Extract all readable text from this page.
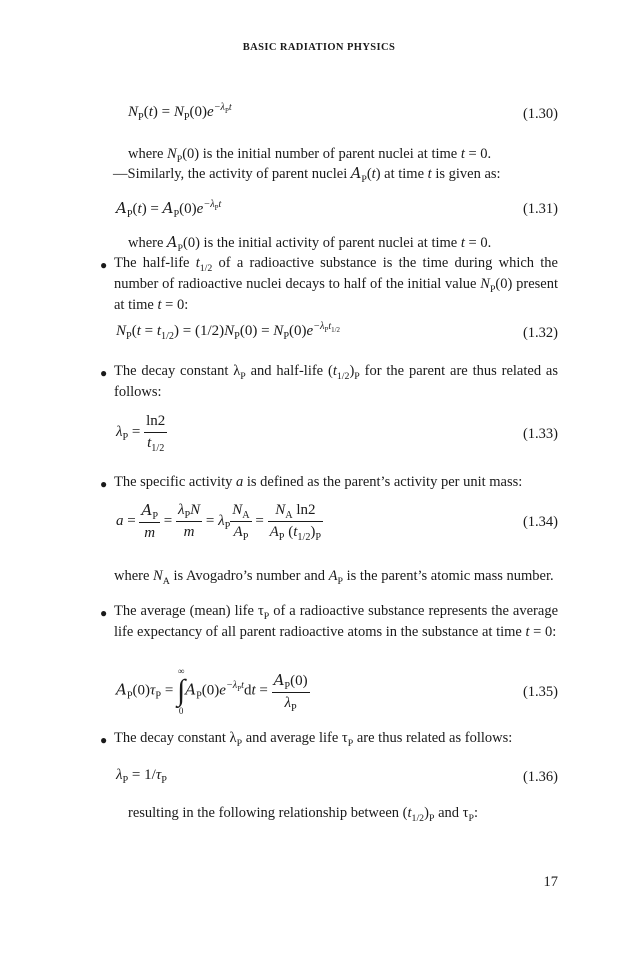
BASIC RADIATION PHYSICS
$N_P(t) = N_P(0)e^{-\lambda_Pt}$	(1.30)
where $N_P(0)$ is the initial number of parent nuclei at time t = 0.
—Similarly, the activity of parent nuclei $A_P(t)$ at time t is given as:
$A_P(t) = A_P(0)e^{-\lambda_Pt}$	(1.31)
where $A_P(0)$ is the initial activity of parent nuclei at time t = 0.
● The half-life $t_{1/2}$ of a radioactive substance is the time during which the number of radioactive nuclei decays to half of the initial value $N_P(0)$ present at time t = 0:
$N_P(t = t_{1/2}) = (1/2)N_P(0) = N_P(0)e^{-\lambda_Pt_{1/2}}$	(1.32)
● The decay constant $\lambda_P$ and half-life $(t_{1/2})_P$ for the parent are thus related as follows:
$\lambda_P = \frac{\ln 2}{t_{1/2}}$	(1.33)
● The specific activity a is defined as the parent’s activity per unit mass:
$a = \frac{A_P}{m} = \frac{\lambda_PN}{m} = \lambda_P \frac{N_A}{A_P} = \frac{N_A \ln 2}{A_P (t_{1/2})_P}$	(1.34)
where $N_A$ is Avogadro’s number and $A_P$ is the parent’s atomic mass number.
● The average (mean) life $\tau_P$ of a radioactive substance represents the average life expectancy of all parent radioactive atoms in the substance at time t = 0:
$A_P(0)\tau_P$ =
∞
∫
0
$A_P(0)e^{-\lambda_Pt}dt = \frac{A_P(0)}{\lambda_P}$	(1.35)
● The decay constant $\lambda_P$ and average life $\tau_P$ are thus related as follows:
$\lambda_P = 1/\tau_P$	(1.36)
resulting in the following relationship between $(t_{1/2})_P$ and $\tau_P$:
17
